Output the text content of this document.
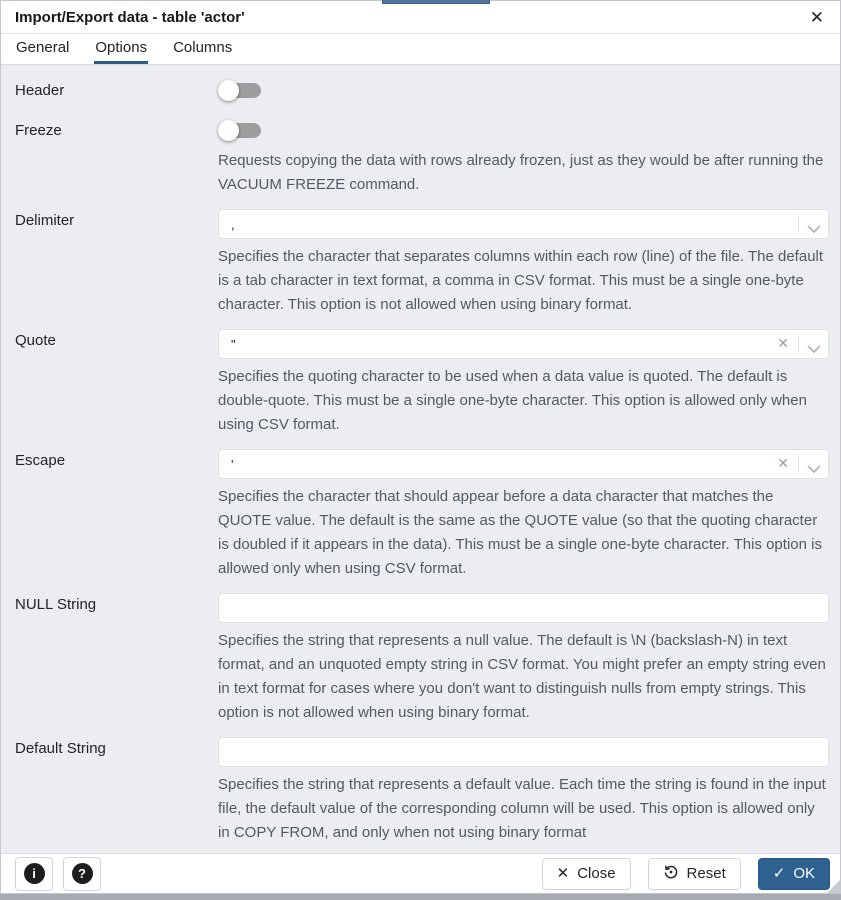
Import/Export data - table 'actor'	✕
General Options Columns
Header
Freeze
Requests copying the data with rows already frozen, just as they would be after running the VACUUM FREEZE command.
Delimiter
,
Specifies the character that separates columns within each row (line) of the file. The default is a tab character in text format, a comma in CSV format. This must be a single one-byte character. This option is not allowed when using binary format.
Quote
"	✕
Specifies the quoting character to be used when a data value is quoted. The default is double-quote. This must be a single one-byte character. This option is allowed only when using CSV format.
Escape
'	✕
Specifies the character that should appear before a data character that matches the QUOTE value. The default is the same as the QUOTE value (so that the quoting character is doubled if it appears in the data). This must be a single one-byte character. This option is allowed only when using CSV format.
NULL String
Specifies the string that represents a null value. The default is \N (backslash-N) in text format, and an unquoted empty string in CSV format. You might prefer an empty string even in text format for cases where you don't want to distinguish nulls from empty strings. This option is not allowed when using binary format.
Default String
Specifies the string that represents a default value. Each time the string is found in the input file, the default value of the corresponding column will be used. This option is allowed only in COPY FROM, and only when not using binary format
i	?	✕ Close	Reset	✓ OK
